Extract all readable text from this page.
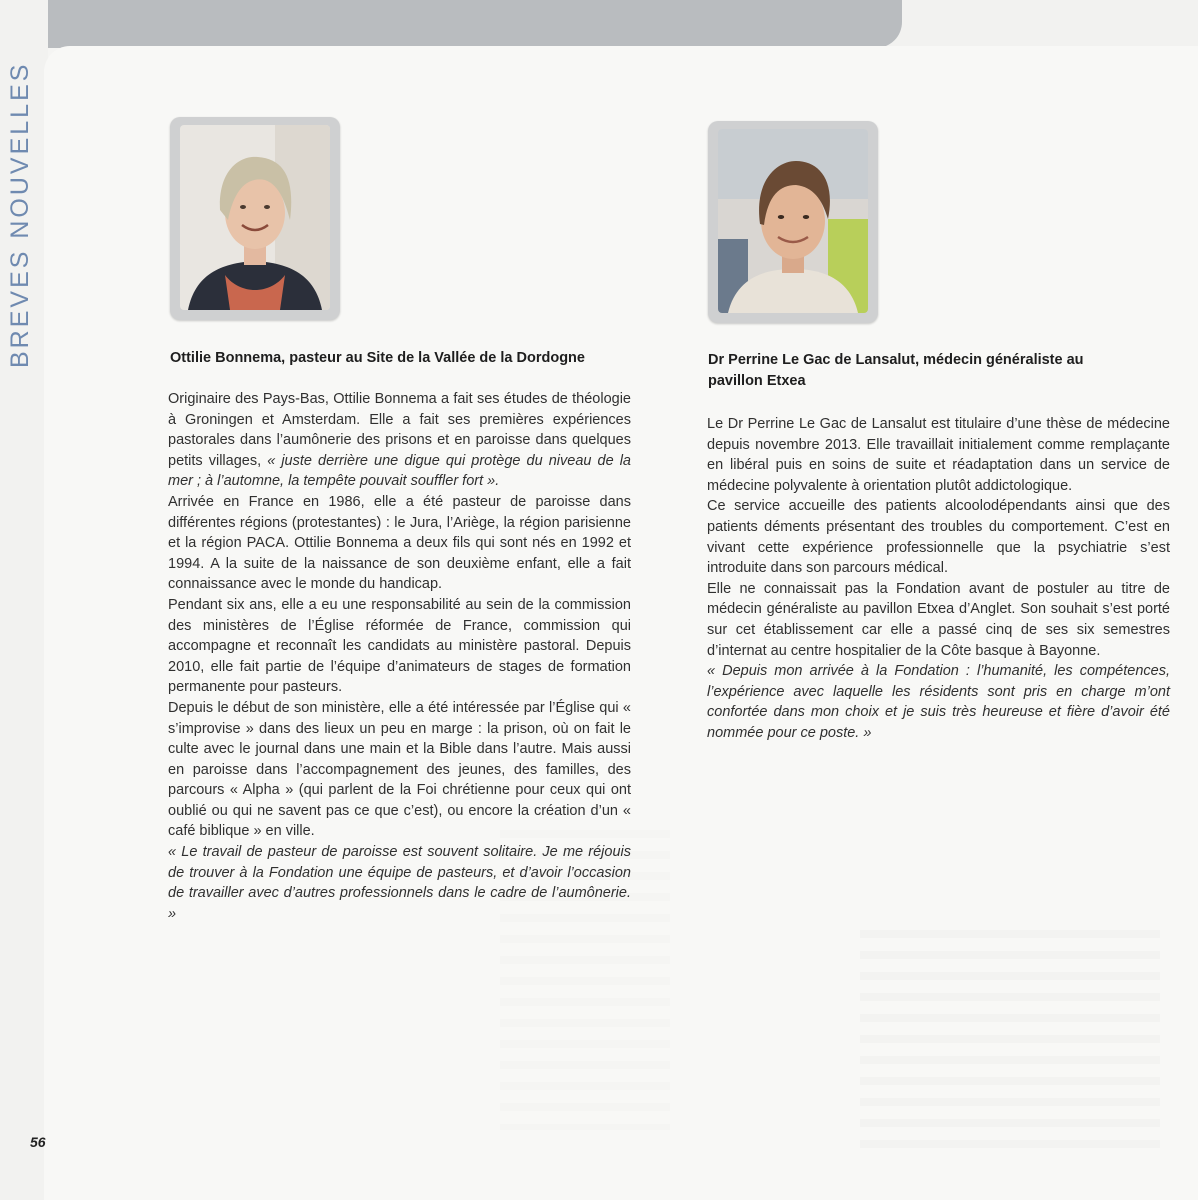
BREVES NOUVELLES
56
Ottilie Bonnema, pasteur au Site de la Vallée de la Dordogne

Originaire des Pays-Bas, Ottilie Bonnema a fait ses études de théologie à Groningen et Amsterdam. Elle a fait ses premières expériences pastorales dans l’aumônerie des prisons et en paroisse dans quelques petits villages, « juste derrière une digue qui protège du niveau de la mer ; à l’automne, la tempête pouvait souffler fort ».

Arrivée en France en 1986, elle a été pasteur de paroisse dans différentes régions (protestantes) : le Jura, l’Ariège, la région parisienne et la région PACA. Ottilie Bonnema a deux fils qui sont nés en 1992 et 1994. A la suite de la naissance de son deuxième enfant, elle a fait connaissance avec le monde du handicap.

Pendant six ans, elle a eu une responsabilité au sein de la commission des ministères de l’Église réformée de France, commission qui accompagne et reconnaît les candidats au ministère pastoral. Depuis 2010, elle fait partie de l’équipe d’animateurs de stages de formation permanente pour pasteurs.

Depuis le début de son ministère, elle a été intéressée par l’Église qui « s’improvise » dans des lieux un peu en marge : la prison, où on fait le culte avec le journal dans une main et la Bible dans l’autre. Mais aussi en paroisse dans l’accompagnement des jeunes, des familles, des parcours « Alpha » (qui parlent de la Foi chrétienne pour ceux qui ont oublié ou qui ne savent pas ce que c’est), ou encore la création d’un « café biblique » en ville.

« Le travail de pasteur de paroisse est souvent solitaire. Je me réjouis de trouver à la Fondation une équipe de pasteurs, et d’avoir l’occasion de travailler avec d’autres professionnels dans le cadre de l’aumônerie. »

Dr Perrine Le Gac de Lansalut, médecin généraliste au pavillon Etxea

Le Dr Perrine Le Gac de Lansalut est titulaire d’une thèse de médecine depuis novembre 2013. Elle travaillait initialement comme remplaçante en libéral puis en soins de suite et réadaptation dans un service de médecine polyvalente à orientation plutôt addictologique.

Ce service accueille des patients alcoolodépendants ainsi que des patients déments présentant des troubles du comportement. C’est en vivant cette expérience professionnelle que la psychiatrie s’est introduite dans son parcours médical.

Elle ne connaissait pas la Fondation avant de postuler au titre de médecin généraliste au pavillon Etxea d’Anglet. Son souhait s’est porté sur cet établissement car elle a passé cinq de ses six semestres d’internat au centre hospitalier de la Côte basque à Bayonne.

« Depuis mon arrivée à la Fondation : l’humanité, les compétences, l’expérience avec laquelle les résidents sont pris en charge m’ont confortée dans mon choix et je suis très heureuse et fière d’avoir été nommée pour ce poste. »
